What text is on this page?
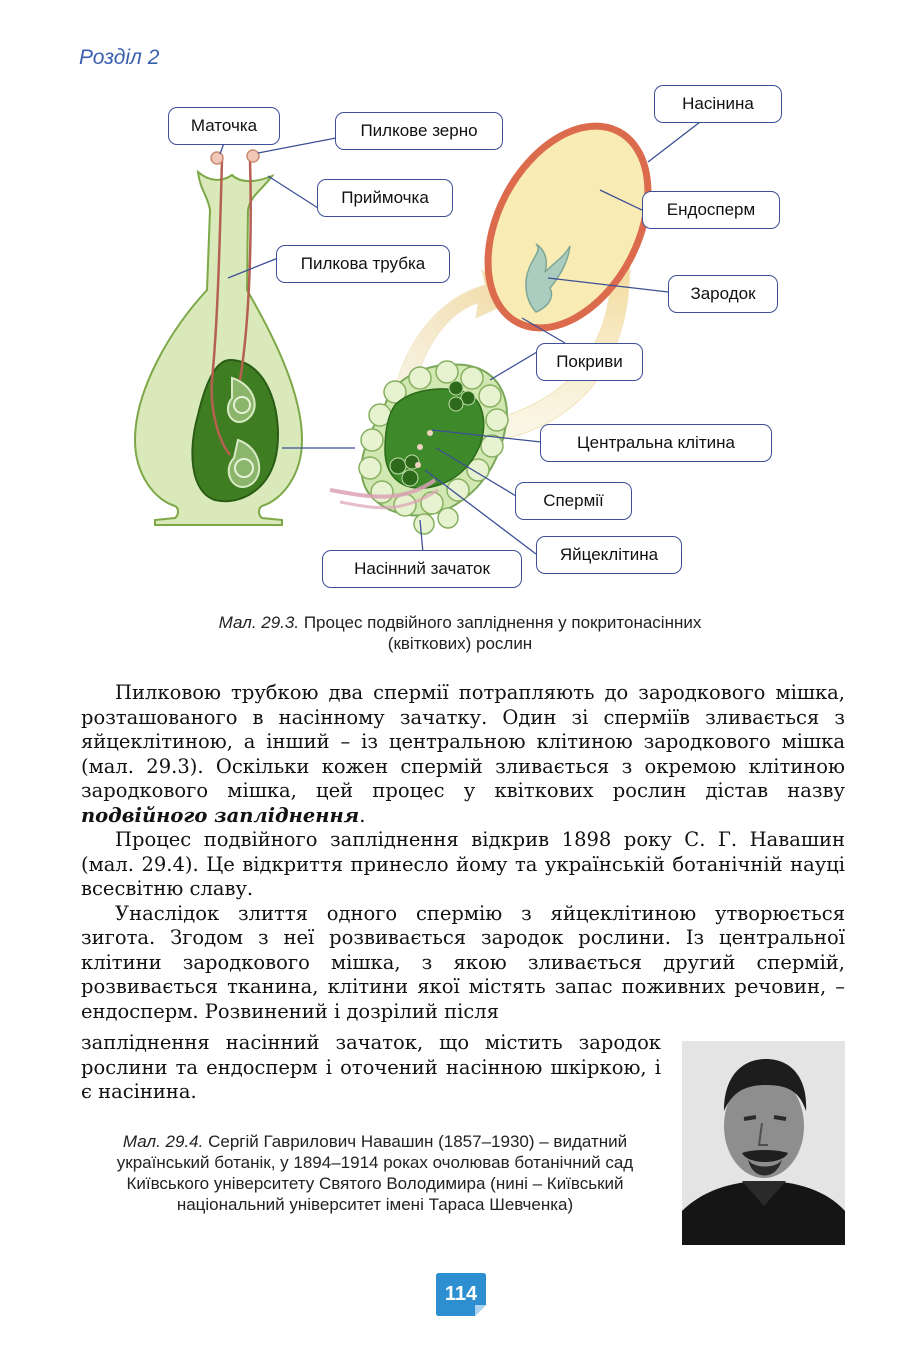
Розділ 2
Маточка	Пилкове зерно
Приймочка
Пилкова трубка
Насінина
Ендосперм
Зародок
Покриви
Центральна клітина
Спермії
Яйцеклітина
Насінний зачаток
Мал. 29.3. Процес подвійного запліднення у покритонасінних
(квіткових) рослин

Пилковою трубкою два спермії потрапляють до зародкового мішка, розташованого в насінному зачатку. Один зі сперміїв зливається з яйцеклітиною, а інший – із центральною клітиною зародкового мішка (мал. 29.3). Оскільки кожен спермій зливається з окремою клітиною зародкового мішка, цей процес у квіткових рослин дістав назву подвійного запліднення.

Процес подвійного запліднення відкрив 1898 року С. Г. Навашин (мал. 29.4). Це відкриття принесло йому та українській ботанічній науці всесвітню славу.

Унаслідок злиття одного спермію з яйцеклітиною утворюється зигота. Згодом з неї розвивається зародок рослини. Із центральної клітини зародкового мішка, з якою зливається другий спермій, розвивається тканина, клітини якої містять запас поживних речовин, – ендосперм. Розвинений і дозрілий після

запліднення насінний зачаток, що містить зародок рослини та ендосперм і оточений насінною шкіркою, і є насінина.

Мал. 29.4. Сергій Гаврилович Навашин (1857–1930) – видатний український ботанік, у 1894–1914 роках очолював ботанічний сад Київського університету Святого Володимира (нині – Київський національний університет імені Тараса Шевченка)
114
